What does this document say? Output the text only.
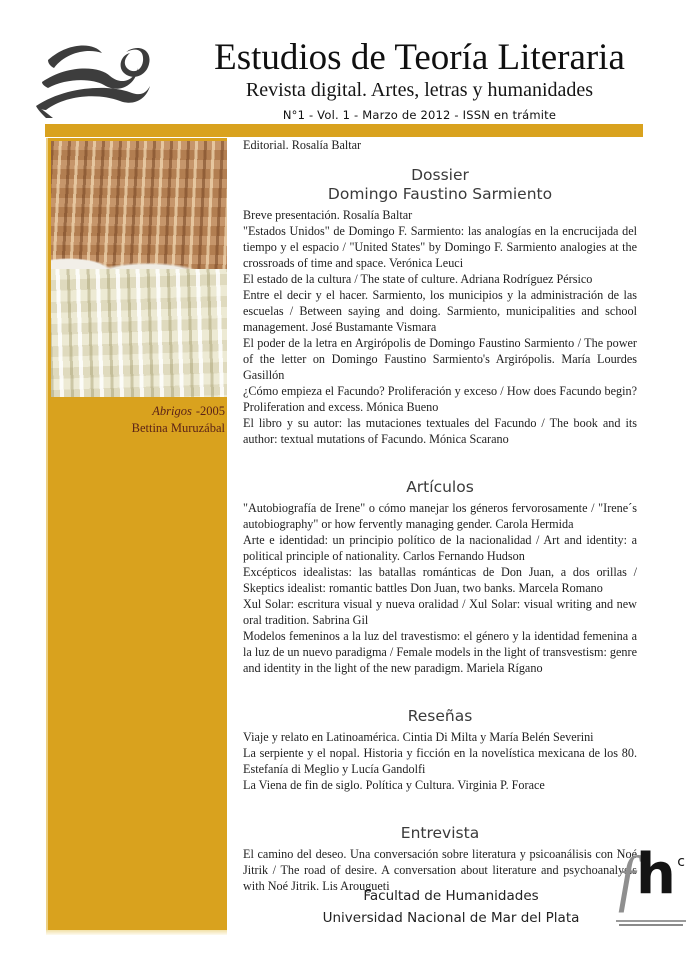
Estudios de Teoría Literaria
Revista digital. Artes, letras y humanidades
N°1 - Vol. 1 - Marzo de 2012 - ISSN en trámite
Abrigos -2005
Bettina Muruzábal

Editorial. Rosalía Baltar

Dossier
Domingo Faustino Sarmiento

Breve presentación. Rosalía Baltar

"Estados Unidos" de Domingo F. Sarmiento: las analogías en la encrucijada del tiempo y el espacio / "United States" by Domingo F. Sarmiento analogies at the crossroads of time and space. Verónica Leuci

El estado de la cultura / The state of culture. Adriana Rodríguez Pérsico

Entre el decir y el hacer. Sarmiento, los municipios y la administración de las escuelas / Between saying and doing. Sarmiento, municipalities and school management. José Bustamante Vismara

El poder de la letra en Argirópolis de Domingo Faustino Sarmiento / The power of the letter on Domingo Faustino Sarmiento's Argirópolis. María Lourdes Gasillón

¿Cómo empieza el Facundo? Proliferación y exceso / How does Facundo begin? Proliferation and excess. Mónica Bueno

El libro y su autor: las mutaciones textuales del Facundo / The book and its author: textual mutations of Facundo. Mónica Scarano

Artículos

"Autobiografía de Irene" o cómo manejar los géneros fervorosamente / "Irene´s autobiography" or how fervently managing gender. Carola Hermida

Arte e identidad: un principio político de la nacionalidad / Art and identity: a political principle of nationality. Carlos Fernando Hudson

Excépticos idealistas: las batallas románticas de Don Juan, a dos orillas / Skeptics idealist: romantic battles Don Juan, two banks. Marcela Romano

Xul Solar: escritura visual y nueva oralidad / Xul Solar: visual writing and new oral tradition. Sabrina Gil

Modelos femeninos a la luz del travestismo: el género y la identidad femenina a la luz de un nuevo paradigma / Female models in the light of transvestism: genre and identity in the light of the new paradigm. Mariela Rígano

Reseñas

Viaje y relato en Latinoamérica. Cintia Di Milta y María Belén Severini

La serpiente y el nopal. Historia y ficción en la novelística mexicana de los 80. Estefanía di Meglio y Lucía Gandolfi

La Viena de fin de siglo. Política y Cultura. Virginia P. Forace

Entrevista

El camino del deseo. Una conversación sobre literatura y psicoanálisis con Noé Jitrik / The road of desire. A conversation about literature and psychoanalysis with Noé Jitrik. Lis Arougueti

Facultad de Humanidades
Universidad Nacional de Mar del Plata
f h c
